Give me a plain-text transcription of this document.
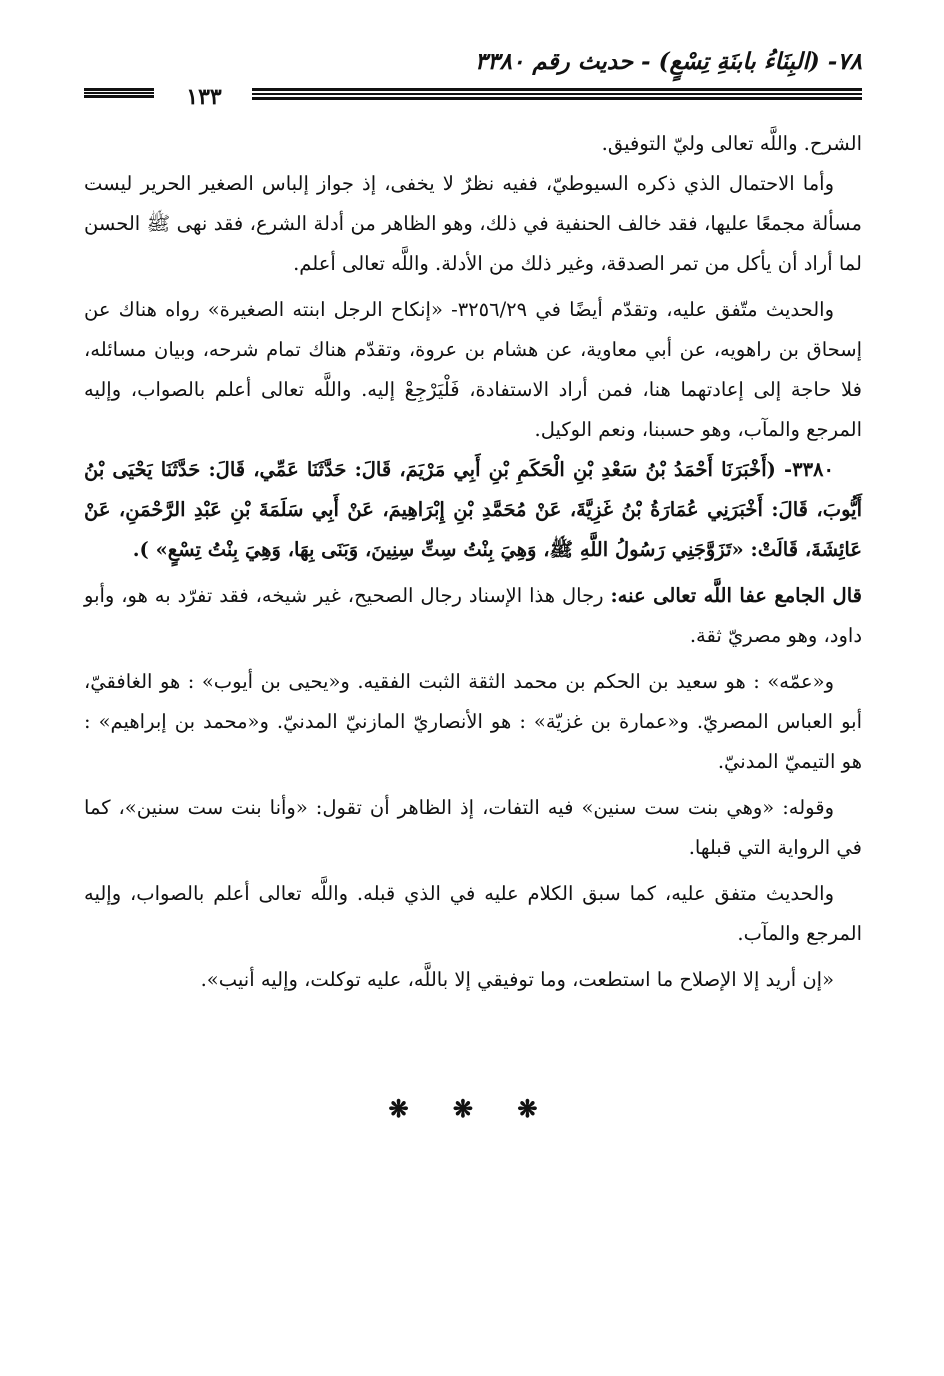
٧٨- (البِنَاءُ بابنَةِ تِسْعٍ) - حديث رقم ٣٣٨٠
١٣٣

الشرح. واللَّه تعالى وليّ التوفيق.

وأما الاحتمال الذي ذكره السيوطيّ، ففيه نظرٌ لا يخفى، إذ جواز إلباس الصغير الحرير ليست مسألة مجمعًا عليها، فقد خالف الحنفية في ذلك، وهو الظاهر من أدلة الشرع، فقد نهى ﷺ الحسن لما أراد أن يأكل من تمر الصدقة، وغير ذلك من الأدلة. واللَّه تعالى أعلم.

والحديث متّفق عليه، وتقدّم أيضًا في ٣٢٥٦/٢٩- «إنكاح الرجل ابنته الصغيرة» رواه هناك عن إسحاق بن راهويه، عن أبي معاوية، عن هشام بن عروة، وتقدّم هناك تمام شرحه، وبيان مسائله، فلا حاجة إلى إعادتهما هنا، فمن أراد الاستفادة، فَلْيَرْجِعْ إليه. واللَّه تعالى أعلم بالصواب، وإليه المرجع والمآب، وهو حسبنا، ونعم الوكيل.

٣٣٨٠- (أَخْبَرَنَا أَحْمَدُ بْنُ سَعْدِ بْنِ الْحَكَمِ بْنِ أَبِي مَرْيَمَ، قَالَ: حَدَّثَنَا عَمِّي، قَالَ: حَدَّثَنَا يَحْيَى بْنُ أَيُّوبَ، قَالَ: أَخْبَرَنِي عُمَارَةُ بْنُ غَزِيَّةَ، عَنْ مُحَمَّدِ بْنِ إِبْرَاهِيمَ، عَنْ أَبِي سَلَمَةَ بْنِ عَبْدِ الرَّحْمَنِ، عَنْ عَائِشَةَ، قَالَتْ: «تَزَوَّجَنِي رَسُولُ اللَّهِ ﷺ، وَهِيَ بِنْتُ سِتِّ سِنِينَ، وَبَنَى بِهَا، وَهِيَ بِنْتُ تِسْعٍ» ).

قال الجامع عفا اللَّه تعالى عنه: رجال هذا الإسناد رجال الصحيح، غير شيخه، فقد تفرّد به هو، وأبو داود، وهو مصريّ ثقة.

و«عمّه» : هو سعيد بن الحكم بن محمد الثقة الثبت الفقيه. و«يحيى بن أيوب» : هو الغافقيّ، أبو العباس المصريّ. و«عمارة بن غزيّة» : هو الأنصاريّ المازنيّ المدنيّ. و«محمد بن إبراهيم» : هو التيميّ المدنيّ.

وقوله: «وهي بنت ست سنين» فيه التفات، إذ الظاهر أن تقول: «وأنا بنت ست سنين»، كما في الرواية التي قبلها.

والحديث متفق عليه، كما سبق الكلام عليه في الذي قبله. واللَّه تعالى أعلم بالصواب، وإليه المرجع والمآب.

«إن أريد إلا الإصلاح ما استطعت، وما توفيقي إلا باللَّه، عليه توكلت، وإليه أنيب».

❋ ❋ ❋
